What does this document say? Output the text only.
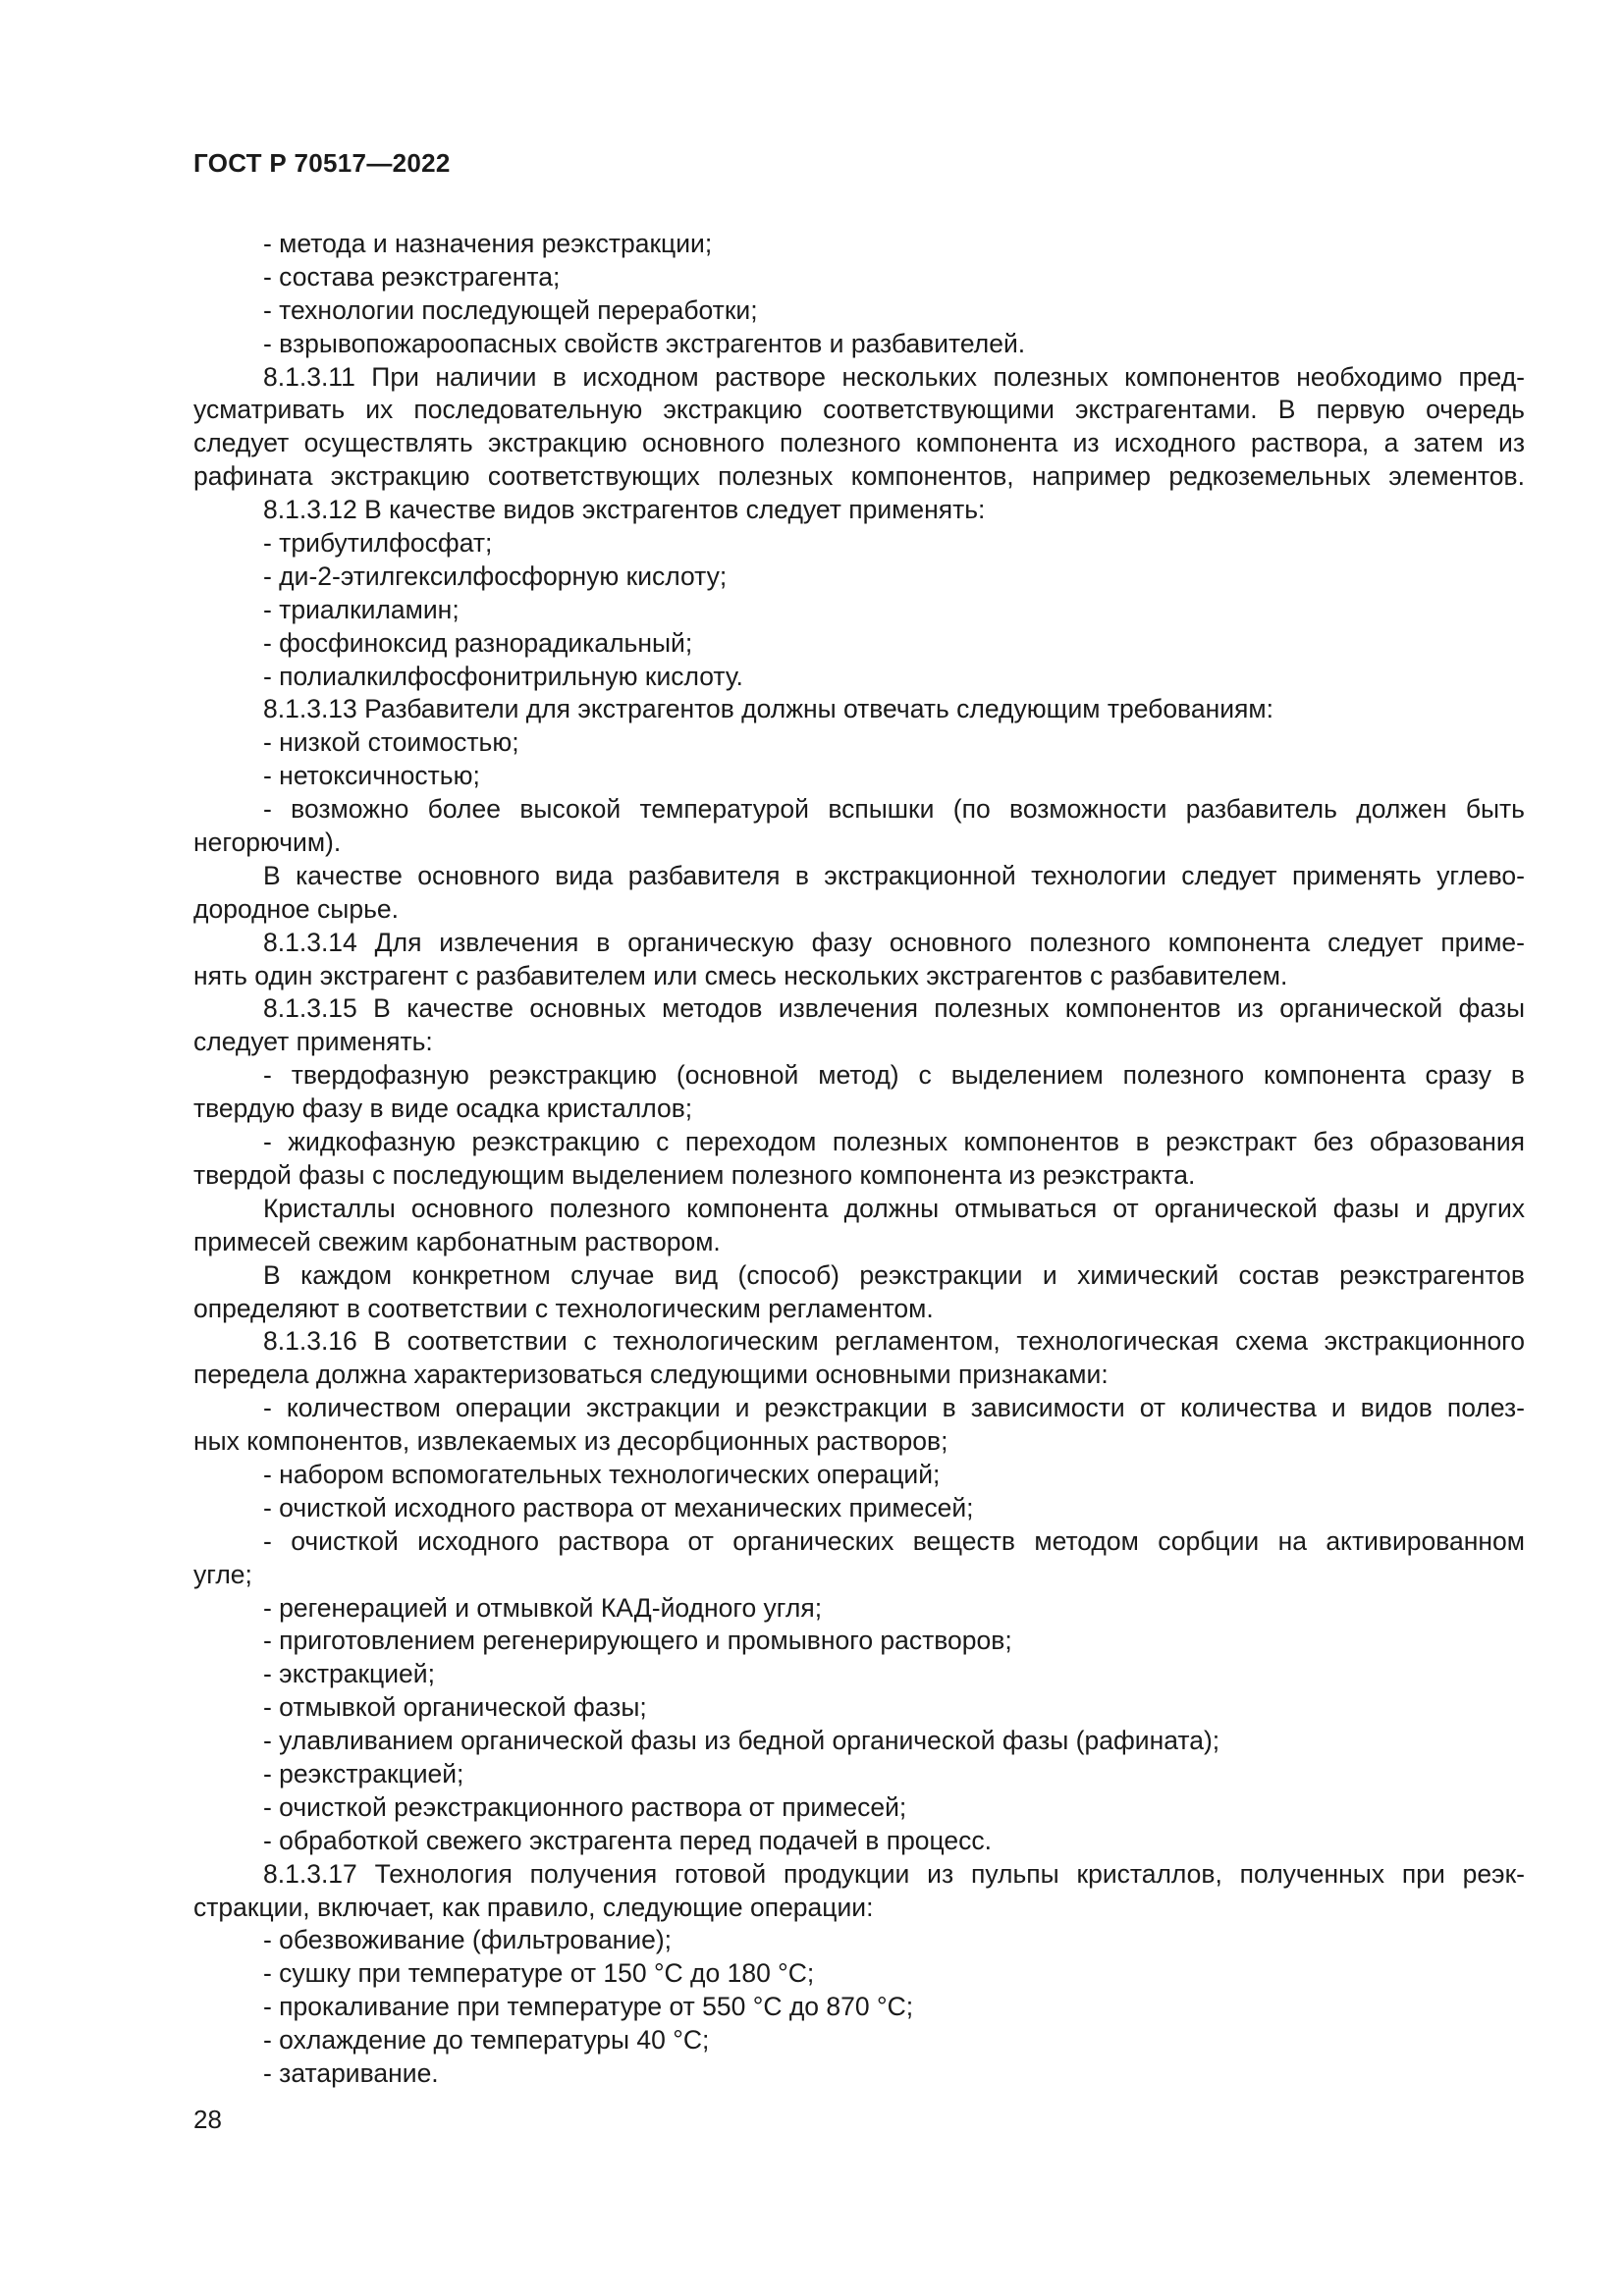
ГОСТ Р 70517—2022
- метода и назначения реэкстракции;
- состава реэкстрагента;
- технологии последующей переработки;
- взрывопожароопасных свойств экстрагентов и разбавителей.
8.1.3.11 При наличии в исходном растворе нескольких полезных компонентов необходимо пред-
усматривать их последовательную экстракцию соответствующими экстрагентами. В первую очередь
следует осуществлять экстракцию основного полезного компонента из исходного раствора, а затем из
рафината экстракцию соответствующих полезных компонентов, например редкоземельных элементов.
8.1.3.12 В качестве видов экстрагентов следует применять:
- трибутилфосфат;
- ди-2-этилгексилфосфорную кислоту;
- триалкиламин;
- фосфиноксид разнорадикальный;
- полиалкилфосфонитрильную кислоту.
8.1.3.13 Разбавители для экстрагентов должны отвечать следующим требованиям:
- низкой стоимостью;
- нетоксичностью;
- возможно более высокой температурой вспышки (по возможности разбавитель должен быть
негорючим).
В качестве основного вида разбавителя в экстракционной технологии следует применять углево-
дородное сырье.
8.1.3.14 Для извлечения в органическую фазу основного полезного компонента следует приме-
нять один экстрагент с разбавителем или смесь нескольких экстрагентов с разбавителем.
8.1.3.15 В качестве основных методов извлечения полезных компонентов из органической фазы
следует применять:
- твердофазную реэкстракцию (основной метод) с выделением полезного компонента сразу в
твердую фазу в виде осадка кристаллов;
- жидкофазную реэкстракцию с переходом полезных компонентов в реэкстракт без образования
твердой фазы с последующим выделением полезного компонента из реэкстракта.
Кристаллы основного полезного компонента должны отмываться от органической фазы и других
примесей свежим карбонатным раствором.
В каждом конкретном случае вид (способ) реэкстракции и химический состав реэкстрагентов
определяют в соответствии с технологическим регламентом.
8.1.3.16 В соответствии с технологическим регламентом, технологическая схема экстракционного
передела должна характеризоваться следующими основными признаками:
- количеством операции экстракции и реэкстракции в зависимости от количества и видов полез-
ных компонентов, извлекаемых из десорбционных растворов;
- набором вспомогательных технологических операций;
- очисткой исходного раствора от механических примесей;
- очисткой исходного раствора от органических веществ методом сорбции на активированном
угле;
- регенерацией и отмывкой КАД-йодного угля;
- приготовлением регенерирующего и промывного растворов;
- экстракцией;
- отмывкой органической фазы;
- улавливанием органической фазы из бедной органической фазы (рафината);
- реэкстракцией;
- очисткой реэкстракционного раствора от примесей;
- обработкой свежего экстрагента перед подачей в процесс.
8.1.3.17 Технология получения готовой продукции из пульпы кристаллов, полученных при реэк-
стракции, включает, как правило, следующие операции:
- обезвоживание (фильтрование);
- сушку при температуре от 150 °С до 180 °С;
- прокаливание при температуре от 550 °С до 870 °С;
- охлаждение до температуры 40 °С;
- затаривание.

28
